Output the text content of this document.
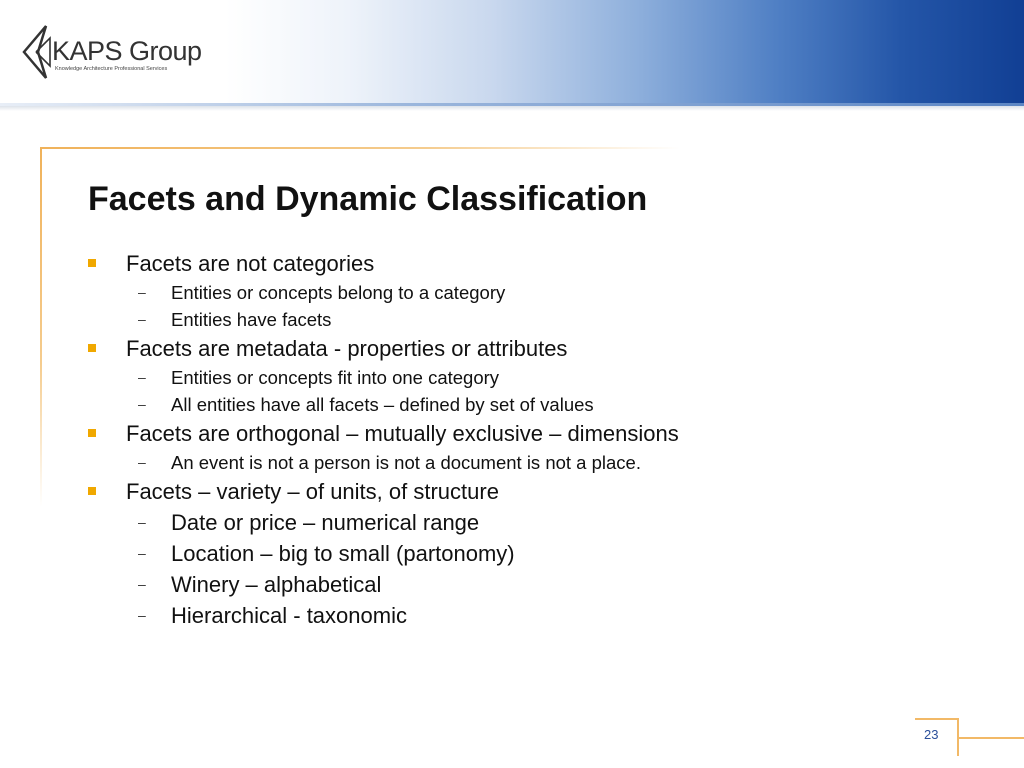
KAPS Group
Knowledge Architecture Professional Services
Facets and Dynamic Classification
Facets are not categories
– Entities or concepts belong to a category
– Entities have facets
Facets are metadata - properties or attributes
– Entities or concepts fit into one category
– All entities have all facets – defined by set of values
Facets are orthogonal – mutually exclusive – dimensions
– An event is not a person is not a document is not a place.
Facets – variety – of units, of structure
– Date or price – numerical range
– Location – big to small (partonomy)
– Winery – alphabetical
– Hierarchical - taxonomic
23
